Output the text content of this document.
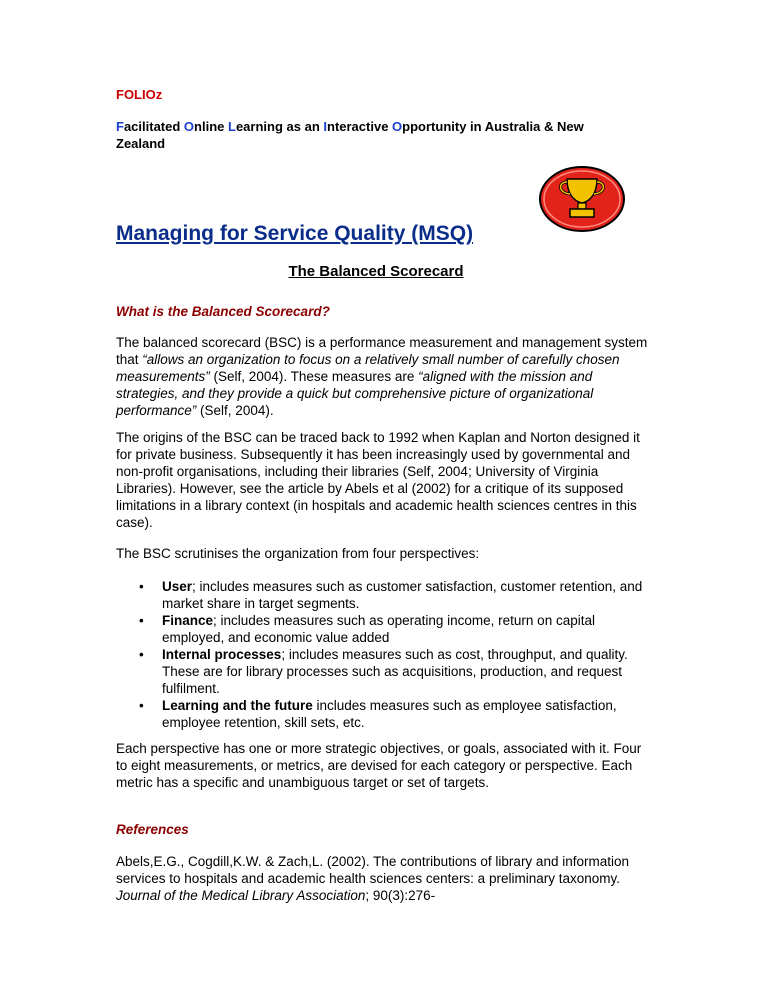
FOLIOz
Facilitated Online Learning as an Interactive Opportunity in Australia & New Zealand
Managing for Service Quality (MSQ)
The Balanced Scorecard
What is the Balanced Scorecard?
The balanced scorecard (BSC) is a performance measurement and management system that “allows an organization to focus on a relatively small number of carefully chosen measurements” (Self, 2004). These measures are “aligned with the mission and strategies, and they provide a quick but comprehensive picture of organizational performance” (Self, 2004).
The origins of the BSC can be traced back to 1992 when Kaplan and Norton designed it for private business. Subsequently it has been increasingly used by governmental and non-profit organisations, including their libraries (Self, 2004; University of Virginia Libraries). However, see the article by Abels et al (2002) for a critique of its supposed limitations in a library context (in hospitals and academic health sciences centres in this case).
The BSC scrutinises the organization from four perspectives:
• User; includes measures such as customer satisfaction, customer retention, and market share in target segments.
• Finance; includes measures such as operating income, return on capital employed, and economic value added
• Internal processes; includes measures such as cost, throughput, and quality. These are for library processes such as acquisitions, production, and request fulfilment.
• Learning and the future includes measures such as employee satisfaction, employee retention, skill sets, etc.
Each perspective has one or more strategic objectives, or goals, associated with it. Four to eight measurements, or metrics, are devised for each category or perspective. Each metric has a specific and unambiguous target or set of targets.
References
Abels,E.G., Cogdill,K.W. & Zach,L. (2002). The contributions of library and information services to hospitals and academic health sciences centers: a preliminary taxonomy. Journal of the Medical Library Association; 90(3):276-
